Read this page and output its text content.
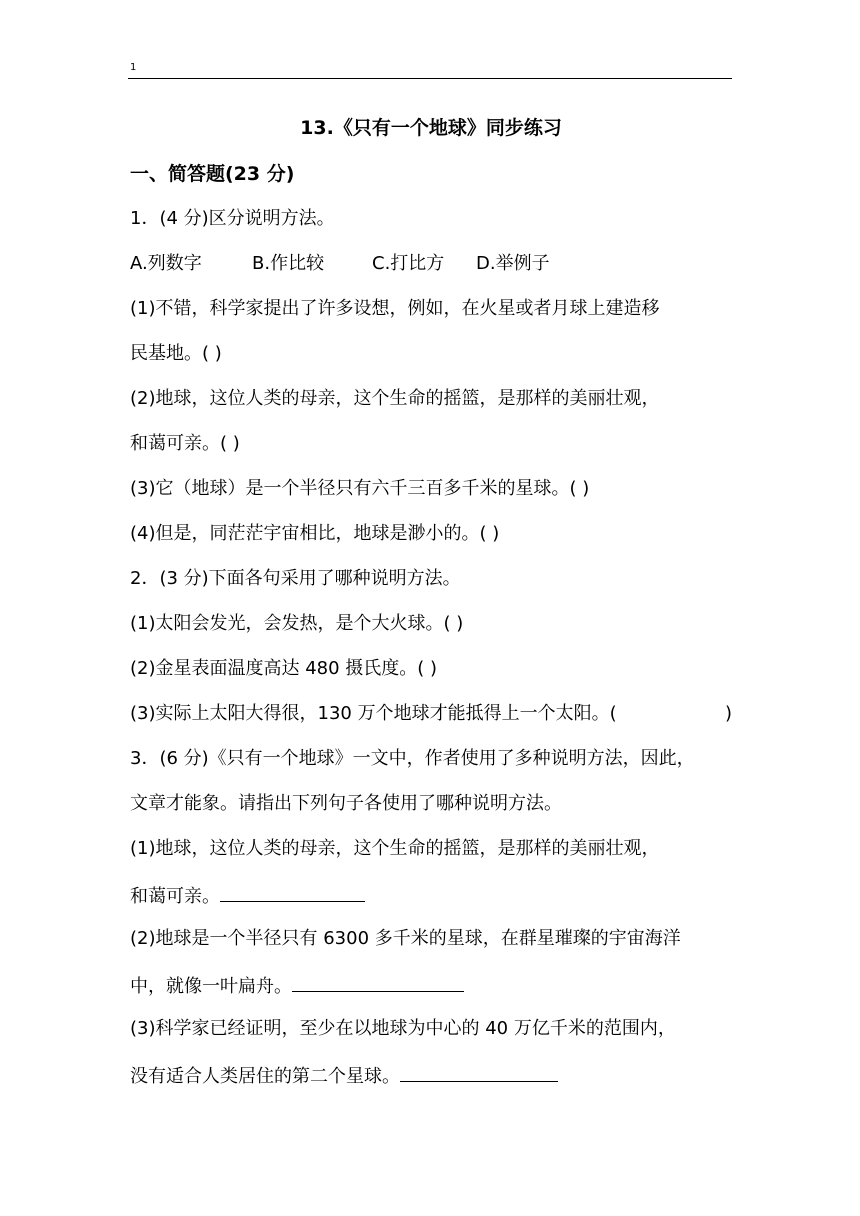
1
13.《只有一个地球》同步练习
一、简答题(23 分)
1．(4 分)区分说明方法。
A.列数字	B.作比较	C.打比方 D.举例子
(1)不错，科学家提出了许多设想，例如，在火星或者月球上建造移
民基地。( )
(2)地球，这位人类的母亲，这个生命的摇篮，是那样的美丽壮观，
和蔼可亲。( )
(3)它（地球）是一个半径只有六千三百多千米的星球。( )
(4)但是，同茫茫宇宙相比，地球是渺小的。( )
2．(3 分)下面各句采用了哪种说明方法。
(1)太阳会发光，会发热，是个大火球。( )
(2)金星表面温度高达 480 摄氏度。( )
(3)实际上太阳大得很，130 万个地球才能抵得上一个太阳。(	)
3．(6 分)《只有一个地球》一文中，作者使用了多种说明方法，因此，
文章才能象。请指出下列句子各使用了哪种说明方法。
(1)地球，这位人类的母亲，这个生命的摇篮，是那样的美丽壮观，
和蔼可亲。
(2)地球是一个半径只有 6300 多千米的星球，在群星璀璨的宇宙海洋
中，就像一叶扁舟。
(3)科学家已经证明，至少在以地球为中心的 40 万亿千米的范围内，
没有适合人类居住的第二个星球。
